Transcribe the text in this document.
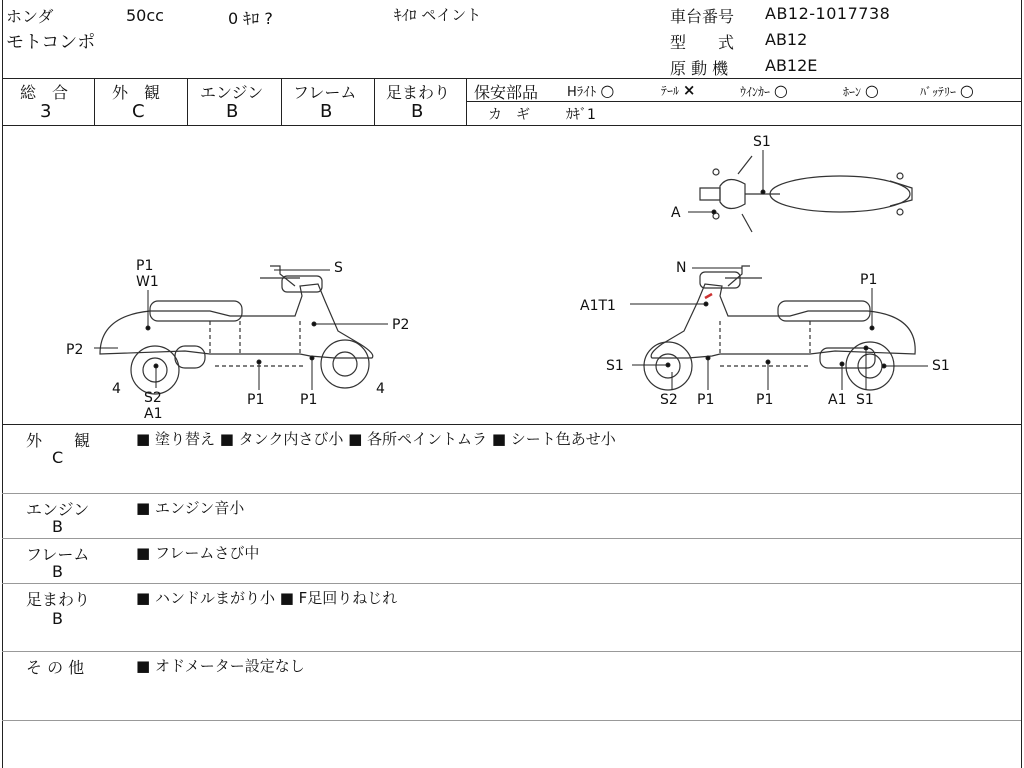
ホンダ	50cc	0 ｷﾛ ?	ｷｲﾛ ペイント
モトコンポ
車台番号 AB12-1017738
型　　式 AB12
原 動 機 AB12E
総　合	外　観 エンジン フレーム 足まわり
3	C	B	B	B
保安部品 Hﾗｲﾄ ○	ﾃｰﾙ ×	ｳｲﾝｶｰ ○	ﾎｰﾝ ○	ﾊﾞｯﾃﾘｰ ○
カ　ギ	ｶｷﾞ1
S1
A
P1
W1
S
P2
P2
4
S2
A1
P1	P1
4
N
P1
A1T1
S1	S1
S2 P1	P1	A1 S1
外　　観
C
■ 塗り替え ■ タンク内さび小 ■ 各所ペイントムラ ■ シート色あせ小
エンジン
B
■ エンジン音小
フレーム
B
■ フレームさび中
足まわり
B
■ ハンドルまがり小 ■ F足回りねじれ
そ の 他	■ オドメーター設定なし
